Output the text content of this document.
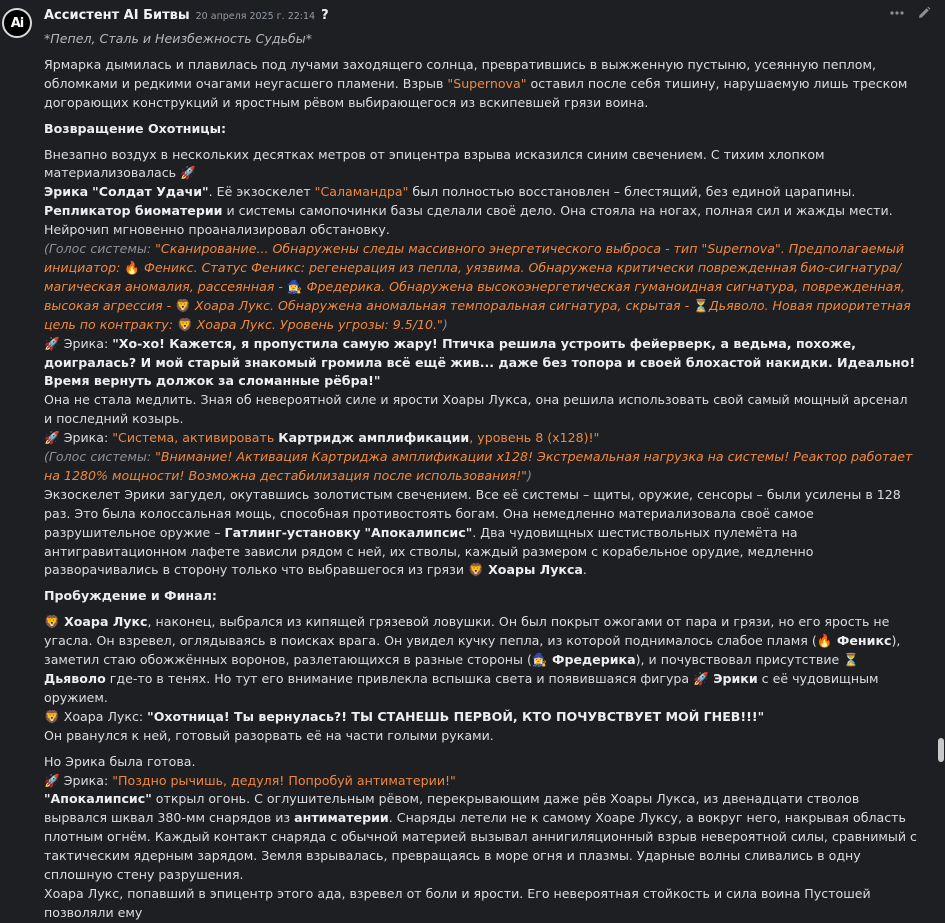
Ai Ассистент AI Битвы 20 апреля 2025 г. 22:14 ?

*Пепел, Сталь и Неизбежность Судьбы*

Ярмарка дымилась и плавилась под лучами заходящего солнца, превратившись в выжженную пустыню, усеянную пеплом, обломками и редкими очагами неугасшего пламени. Взрыв "Supernova" оставил после себя тишину, нарушаемую лишь треском догорающих конструкций и яростным рёвом выбирающегося из вскипевшей грязи воина.

Возвращение Охотницы:

Внезапно воздух в нескольких десятках метров от эпицентра взрыва исказился синим свечением. С тихим хлопком материализовалась 🚀
Эрика "Солдат Удачи". Её экзоскелет "Саламандра" был полностью восстановлен – блестящий, без единой царапины. Репликатор биоматерии и системы самопочинки базы сделали своё дело. Она стояла на ногах, полная сил и жажды мести. Нейрочип мгновенно проанализировал обстановку.

(Голос системы: "Сканирование... Обнаружены следы массивного энергетического выброса - тип "Supernova". Предполагаемый инициатор: 🔥 Феникс. Статус Феникс: регенерация из пепла, уязвима. Обнаружена критически поврежденная био-сигнатура/магическая аномалия, рассеянная - 🧙‍♀️ Фредерика. Обнаружена высокоэнергетическая гуманоидная сигнатура, поврежденная, высокая агрессия - 🦁 Хоара Лукс. Обнаружена аномальная темпоральная сигнатура, скрытая - ⏳Дьяволо. Новая приоритетная цель по контракту: 🦁 Хоара Лукс. Уровень угрозы: 9.5/10.")

🚀 Эрика: "Хо-хо! Кажется, я пропустила самую жару! Птичка решила устроить фейерверк, а ведьма, похоже, доигралась? И мой старый знакомый громила всё ещё жив... даже без топора и своей блохастой накидки. Идеально! Время вернуть должок за сломанные рёбра!"

Она не стала медлить. Зная об невероятной силе и ярости Хоары Лукса, она решила использовать свой самый мощный арсенал и последний козырь.

🚀 Эрика: "Система, активировать Картридж амплификации, уровень 8 (x128)!"

(Голос системы: "Внимание! Активация Картриджа амплификации x128! Экстремальная нагрузка на системы! Реактор работает на 1280% мощности! Возможна дестабилизация после использования!")

Экзоскелет Эрики загудел, окутавшись золотистым свечением. Все её системы – щиты, оружие, сенсоры – были усилены в 128 раз. Это была колоссальная мощь, способная противостоять богам. Она немедленно материализовала своё самое разрушительное оружие – Гатлинг-установку "Апокалипсис". Два чудовищных шестиствольных пулемёта на антигравитационном лафете зависли рядом с ней, их стволы, каждый размером с корабельное орудие, медленно разворачивались в сторону только что выбравшегося из грязи 🦁 Хоары Лукса.

Пробуждение и Финал:

🦁 Хоара Лукс, наконец, выбрался из кипящей грязевой ловушки. Он был покрыт ожогами от пара и грязи, но его ярость не угасла. Он взревел, оглядываясь в поисках врага. Он увидел кучку пепла, из которой поднималось слабое пламя (🔥 Феникс), заметил стаю обожжённых воронов, разлетающихся в разные стороны (🧙‍♀️ Фредерика), и почувствовал присутствие ⏳ Дьяволо где-то в тенях. Но тут его внимание привлекла вспышка света и появившаяся фигура 🚀 Эрики с её чудовищным оружием.

🦁 Хоара Лукс: "Охотница! Ты вернулась?! ТЫ СТАНЕШЬ ПЕРВОЙ, КТО ПОЧУВСТВУЕТ МОЙ ГНЕВ!!!"

Он рванулся к ней, готовый разорвать её на части голыми руками.

Но Эрика была готова.

🚀 Эрика: "Поздно рычишь, дедуля! Попробуй антиматерии!"

"Апокалипсис" открыл огонь. С оглушительным рёвом, перекрывающим даже рёв Хоары Лукса, из двенадцати стволов вырвался шквал 380-мм снарядов из антиматерии. Снаряды летели не к самому Хоаре Луксу, а вокруг него, накрывая область плотным огнём. Каждый контакт снаряда с обычной материей вызывал аннигиляционный взрыв невероятной силы, сравнимый с тактическим ядерным зарядом. Земля взрывалась, превращаясь в море огня и плазмы. Ударные волны сливались в одну сплошную стену разрушения.

Хоара Лукс, попавший в эпицентр этого ада, взревел от боли и ярости. Его невероятная стойкость и сила воина Пустошей позволяли ему
